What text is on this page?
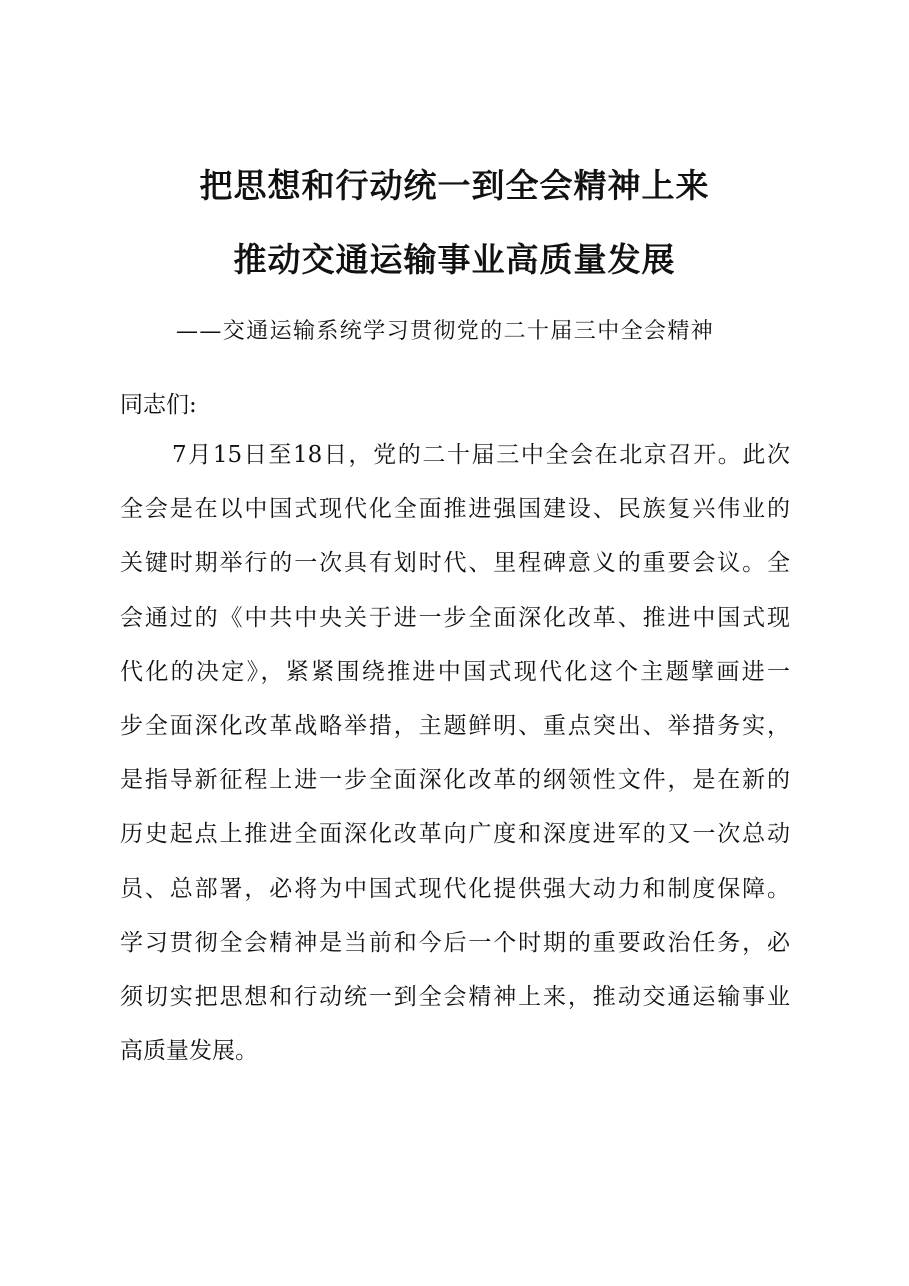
把思想和行动统一到全会精神上来
推动交通运输事业高质量发展
——交通运输系统学习贯彻党的二十届三中全会精神
同志们:
7月15日至18日，党的二十届三中全会在北京召开。此次
全会是在以中国式现代化全面推进强国建设、民族复兴伟业的
关键时期举行的一次具有划时代、里程碑意义的重要会议。全
会通过的《中共中央关于进一步全面深化改革、推进中国式现
代化的决定》，紧紧围绕推进中国式现代化这个主题擘画进一
步全面深化改革战略举措，主题鲜明、重点突出、举措务实，
是指导新征程上进一步全面深化改革的纲领性文件，是在新的
历史起点上推进全面深化改革向广度和深度进军的又一次总动
员、总部署，必将为中国式现代化提供强大动力和制度保障。
学习贯彻全会精神是当前和今后一个时期的重要政治任务，必
须切实把思想和行动统一到全会精神上来，推动交通运输事业
高质量发展。
